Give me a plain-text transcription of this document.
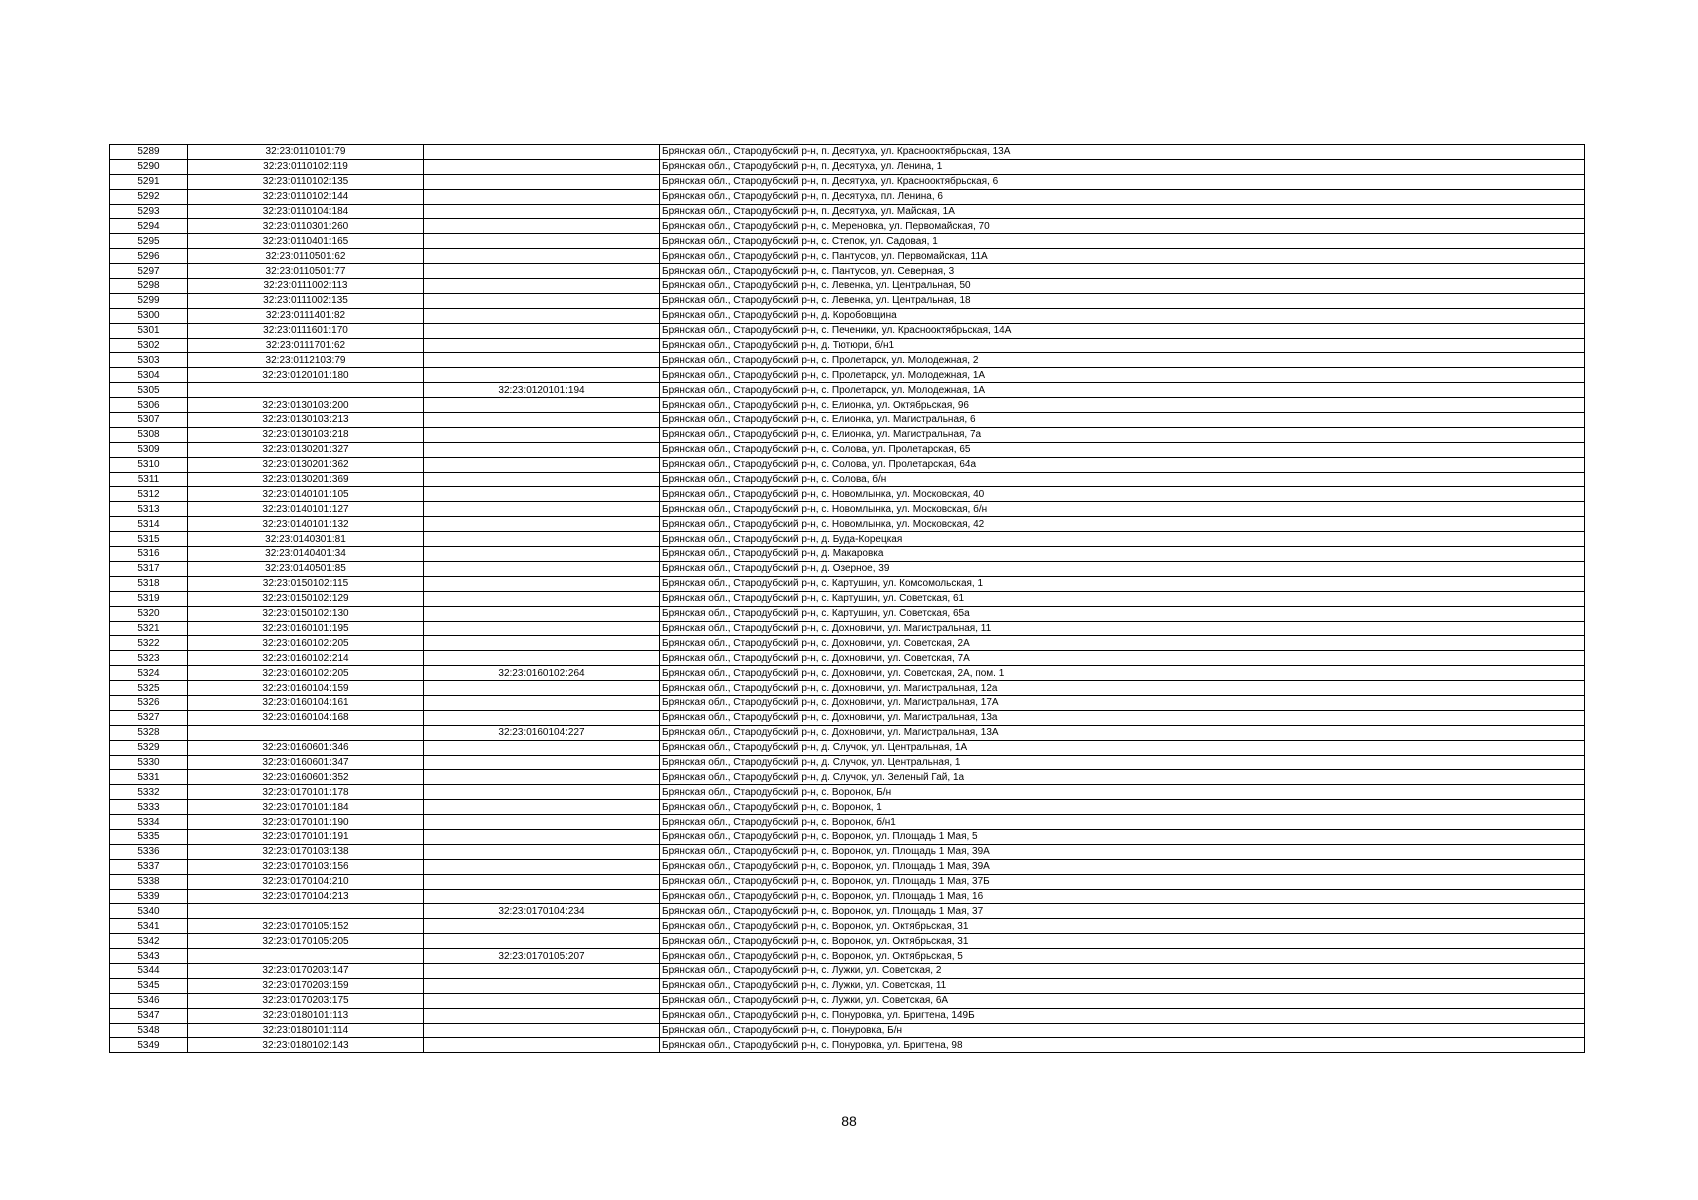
5289	32:23:0110101:79		Брянская обл., Стародубский р-н, п. Десятуха, ул. Краснооктябрьская, 13А
5290	32:23:0110102:119		Брянская обл., Стародубский р-н, п. Десятуха, ул. Ленина, 1
5291	32:23:0110102:135		Брянская обл., Стародубский р-н, п. Десятуха, ул. Краснооктябрьская, 6
5292	32:23:0110102:144		Брянская обл., Стародубский р-н, п. Десятуха, пл. Ленина, 6
5293	32:23:0110104:184		Брянская обл., Стародубский р-н, п. Десятуха, ул. Майская, 1А
5294	32:23:0110301:260		Брянская обл., Стародубский р-н, с. Мереновка, ул. Первомайская, 70
5295	32:23:0110401:165		Брянская обл., Стародубский р-н, с. Степок, ул. Садовая, 1
5296	32:23:0110501:62		Брянская обл., Стародубский р-н, с. Пантусов, ул. Первомайская, 11А
5297	32:23:0110501:77		Брянская обл., Стародубский р-н, с. Пантусов, ул. Северная, 3
5298	32:23:0111002:113		Брянская обл., Стародубский р-н, с. Левенка, ул. Центральная, 50
5299	32:23:0111002:135		Брянская обл., Стародубский р-н, с. Левенка, ул. Центральная, 18
5300	32:23:0111401:82		Брянская обл., Стародубский р-н, д. Коробовщина
5301	32:23:0111601:170		Брянская обл., Стародубский р-н, с. Печеники, ул. Краснооктябрьская, 14А
5302	32:23:0111701:62		Брянская обл., Стародубский р-н, д. Тютюри, б/н1
5303	32:23:0112103:79		Брянская обл., Стародубский р-н, с. Пролетарск, ул. Молодежная, 2
5304	32:23:0120101:180		Брянская обл., Стародубский р-н, с. Пролетарск, ул. Молодежная, 1А
5305		32:23:0120101:194	Брянская обл., Стародубский р-н, с. Пролетарск, ул. Молодежная, 1А
5306	32:23:0130103:200		Брянская обл., Стародубский р-н, с. Елионка, ул. Октябрьская, 96
5307	32:23:0130103:213		Брянская обл., Стародубский р-н, с. Елионка, ул. Магистральная, 6
5308	32:23:0130103:218		Брянская обл., Стародубский р-н, с. Елионка, ул. Магистральная, 7а
5309	32:23:0130201:327		Брянская обл., Стародубский р-н, с. Солова, ул. Пролетарская, 65
5310	32:23:0130201:362		Брянская обл., Стародубский р-н, с. Солова, ул. Пролетарская, 64а
5311	32:23:0130201:369		Брянская обл., Стародубский р-н, с. Солова, б/н
5312	32:23:0140101:105		Брянская обл., Стародубский р-н, с. Новомлынка, ул. Московская, 40
5313	32:23:0140101:127		Брянская обл., Стародубский р-н, с. Новомлынка, ул. Московская, б/н
5314	32:23:0140101:132		Брянская обл., Стародубский р-н, с. Новомлынка, ул. Московская, 42
5315	32:23:0140301:81		Брянская обл., Стародубский р-н, д. Буда-Корецкая
5316	32:23:0140401:34		Брянская обл., Стародубский р-н, д. Макаровка
5317	32:23:0140501:85		Брянская обл., Стародубский р-н, д. Озерное, 39
5318	32:23:0150102:115		Брянская обл., Стародубский р-н, с. Картушин, ул. Комсомольская, 1
5319	32:23:0150102:129		Брянская обл., Стародубский р-н, с. Картушин, ул. Советская, 61
5320	32:23:0150102:130		Брянская обл., Стародубский р-н, с. Картушин, ул. Советская, 65а
5321	32:23:0160101:195		Брянская обл., Стародубский р-н, с. Дохновичи, ул. Магистральная, 11
5322	32:23:0160102:205		Брянская обл., Стародубский р-н, с. Дохновичи, ул. Советская, 2А
5323	32:23:0160102:214		Брянская обл., Стародубский р-н, с. Дохновичи, ул. Советская, 7А
5324	32:23:0160102:205	32:23:0160102:264	Брянская обл., Стародубский р-н, с. Дохновичи, ул. Советская, 2А, пом. 1
5325	32:23:0160104:159		Брянская обл., Стародубский р-н, с. Дохновичи, ул. Магистральная, 12а
5326	32:23:0160104:161		Брянская обл., Стародубский р-н, с. Дохновичи, ул. Магистральная, 17А
5327	32:23:0160104:168		Брянская обл., Стародубский р-н, с. Дохновичи, ул. Магистральная, 13а
5328		32:23:0160104:227	Брянская обл., Стародубский р-н, с. Дохновичи, ул. Магистральная, 13А
5329	32:23:0160601:346		Брянская обл., Стародубский р-н, д. Случок, ул. Центральная, 1А
5330	32:23:0160601:347		Брянская обл., Стародубский р-н, д. Случок, ул. Центральная, 1
5331	32:23:0160601:352		Брянская обл., Стародубский р-н, д. Случок, ул. Зеленый Гай, 1а
5332	32:23:0170101:178		Брянская обл., Стародубский р-н, с. Воронок, Б/н
5333	32:23:0170101:184		Брянская обл., Стародубский р-н, с. Воронок, 1
5334	32:23:0170101:190		Брянская обл., Стародубский р-н, с. Воронок, б/н1
5335	32:23:0170101:191		Брянская обл., Стародубский р-н, с. Воронок, ул. Площадь 1 Мая, 5
5336	32:23:0170103:138		Брянская обл., Стародубский р-н, с. Воронок, ул. Площадь 1 Мая, 39А
5337	32:23:0170103:156		Брянская обл., Стародубский р-н, с. Воронок, ул. Площадь 1 Мая, 39А
5338	32:23:0170104:210		Брянская обл., Стародубский р-н, с. Воронок, ул. Площадь 1 Мая, 37Б
5339	32:23:0170104:213		Брянская обл., Стародубский р-н, с. Воронок, ул. Площадь 1 Мая, 16
5340		32:23:0170104:234	Брянская обл., Стародубский р-н, с. Воронок, ул. Площадь 1 Мая, 37
5341	32:23:0170105:152		Брянская обл., Стародубский р-н, с. Воронок, ул. Октябрьская, 31
5342	32:23:0170105:205		Брянская обл., Стародубский р-н, с. Воронок, ул. Октябрьская, 31
5343		32:23:0170105:207	Брянская обл., Стародубский р-н, с. Воронок, ул. Октябрьская, 5
5344	32:23:0170203:147		Брянская обл., Стародубский р-н, с. Лужки, ул. Советская, 2
5345	32:23:0170203:159		Брянская обл., Стародубский р-н, с. Лужки, ул. Советская, 11
5346	32:23:0170203:175		Брянская обл., Стародубский р-н, с. Лужки, ул. Советская, 6А
5347	32:23:0180101:113		Брянская обл., Стародубский р-н, с. Понуровка, ул. Бригтена, 149Б
5348	32:23:0180101:114		Брянская обл., Стародубский р-н, с. Понуровка, Б/н
5349	32:23:0180102:143		Брянская обл., Стародубский р-н, с. Понуровка, ул. Бригтена, 98
88
